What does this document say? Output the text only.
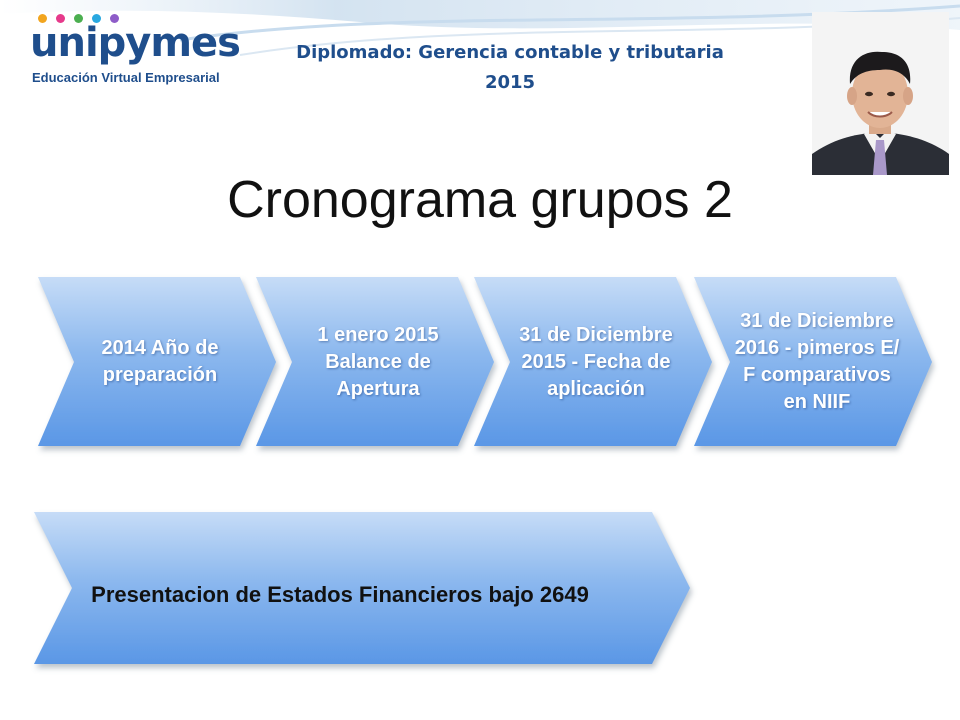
unipymes
Educación Virtual Empresarial
Diplomado: Gerencia contable y tributaria
2015
Cronograma grupos 2
2014 Año de
preparación
1 enero 2015
Balance de
Apertura
31 de Diciembre
2015 - Fecha de
aplicación
31 de Diciembre
2016 - pimeros E/
F comparativos
en NIIF
Presentacion de Estados Financieros bajo 2649
